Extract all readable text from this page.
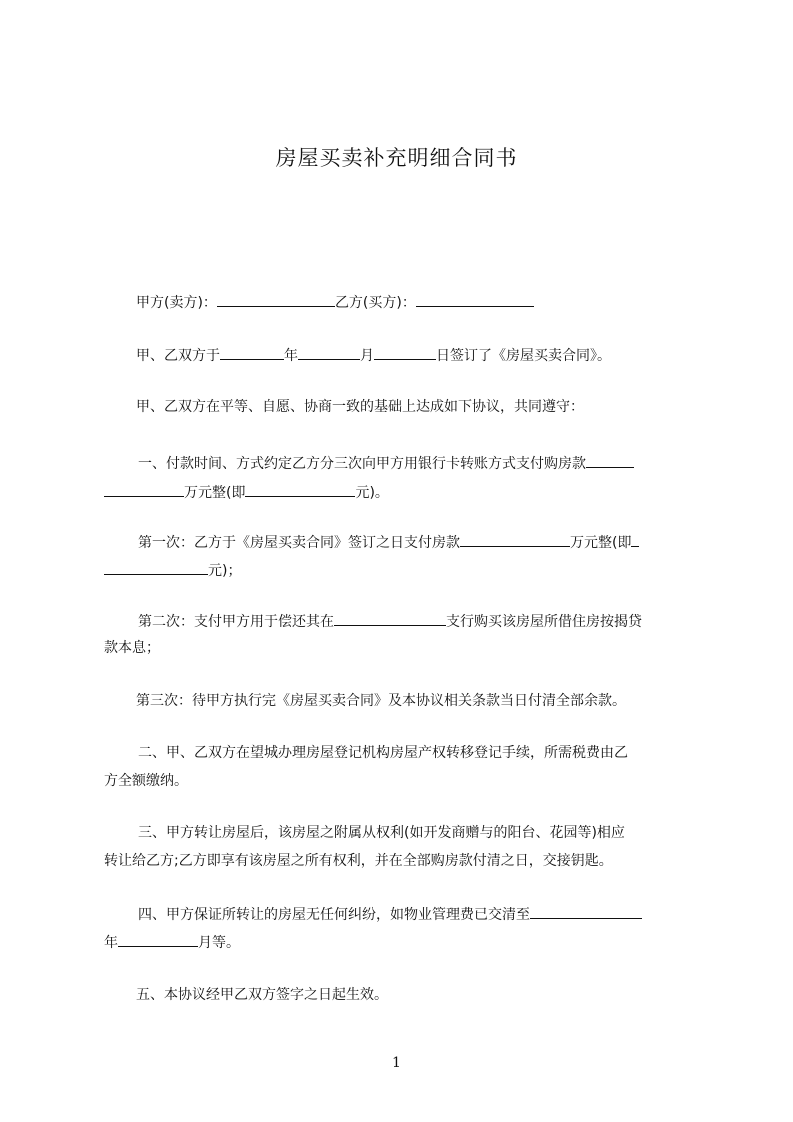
房屋买卖补充明细合同书
甲方(卖方)：	乙方(买方)：
甲、乙双方于	年	月	日签订了《房屋买卖合同》。
甲、乙双方在平等、自愿、协商一致的基础上达成如下协议，共同遵守：
一、付款时间、方式约定乙方分三次向甲方用银行卡转账方式支付购房款
万元整(即	元)。
第一次：乙方于《房屋买卖合同》签订之日支付房款	万元整(即
元)；
第二次：支付甲方用于偿还其在	支行购买该房屋所借住房按揭贷
款本息；
第三次：待甲方执行完《房屋买卖合同》及本协议相关条款当日付清全部余款。
二、甲、乙双方在望城办理房屋登记机构房屋产权转移登记手续，所需税费由乙
方全额缴纳。
三、甲方转让房屋后，该房屋之附属从权利(如开发商赠与的阳台、花园等)相应
转让给乙方;乙方即享有该房屋之所有权利，并在全部购房款付清之日，交接钥匙。
四、甲方保证所转让的房屋无任何纠纷，如物业管理费已交清至
年	月等。
五、本协议经甲乙双方签字之日起生效。
1
